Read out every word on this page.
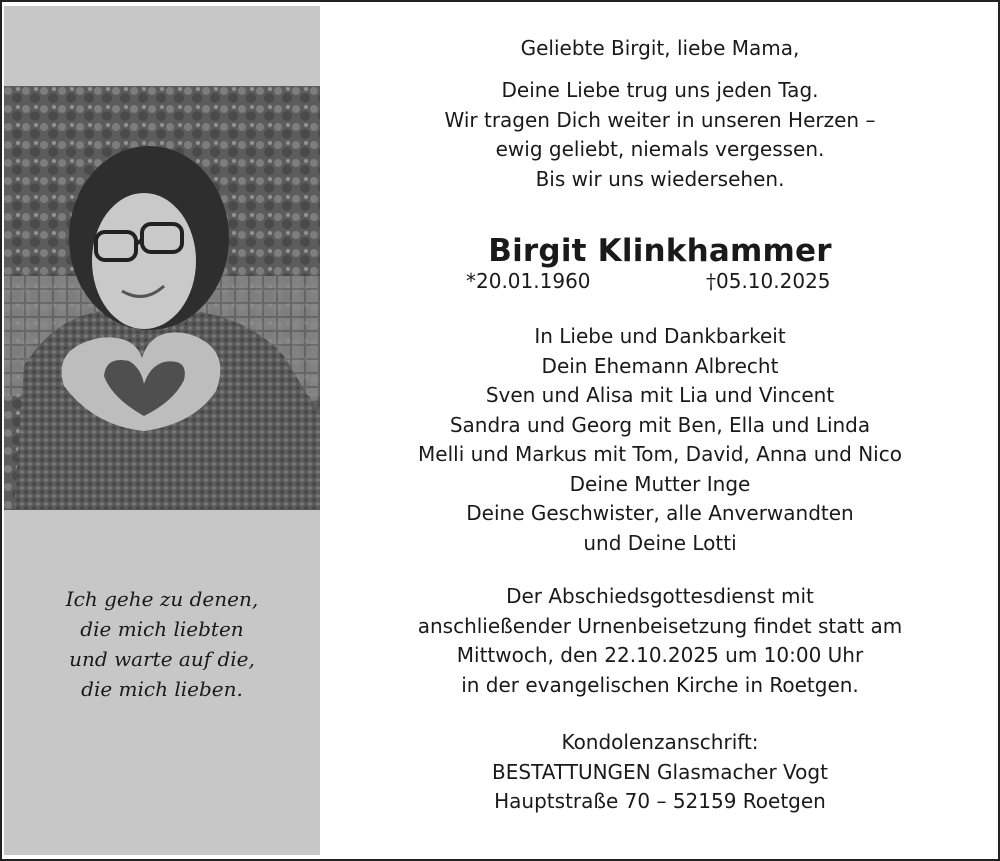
Ich gehe zu denen,
die mich liebten
und warte auf die,
die mich lieben.
Geliebte Birgit, liebe Mama,
Deine Liebe trug uns jeden Tag.
Wir tragen Dich weiter in unseren Herzen –
ewig geliebt, niemals vergessen.
Bis wir uns wiedersehen.
Birgit Klinkhammer
*20.01.1960	†05.10.2025
In Liebe und Dankbarkeit
Dein Ehemann Albrecht
Sven und Alisa mit Lia und Vincent
Sandra und Georg mit Ben, Ella und Linda
Melli und Markus mit Tom, David, Anna und Nico
Deine Mutter Inge
Deine Geschwister, alle Anverwandten
und Deine Lotti
Der Abschiedsgottesdienst mit
anschließender Urnenbeisetzung findet statt am
Mittwoch, den 22.10.2025 um 10:00 Uhr
in der evangelischen Kirche in Roetgen.
Kondolenzanschrift:
BESTATTUNGEN Glasmacher Vogt
Hauptstraße 70 – 52159 Roetgen
